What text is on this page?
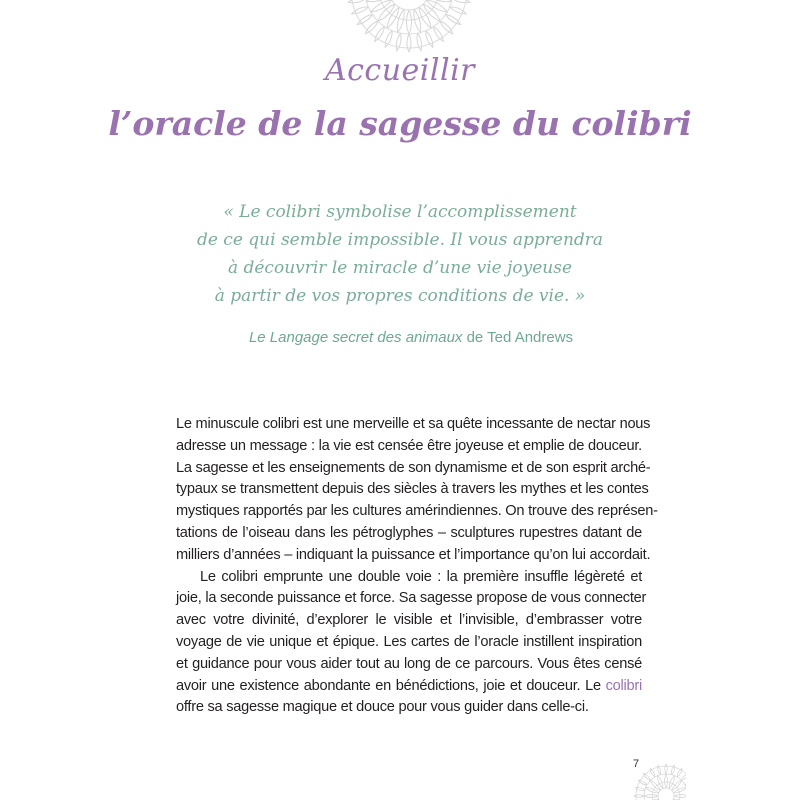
Accueillir
l’oracle de la sagesse du colibri
« Le colibri symbolise l’accomplissement
de ce qui semble impossible. Il vous apprendra
à découvrir le miracle d’une vie joyeuse
à partir de vos propres conditions de vie. »
Le Langage secret des animaux de Ted Andrews
Le minuscule colibri est une merveille et sa quête incessante de nectar nous
adresse un message : la vie est censée être joyeuse et emplie de douceur.
La sagesse et les enseignements de son dynamisme et de son esprit arché-
typaux se transmettent depuis des siècles à travers les mythes et les contes
mystiques rapportés par les cultures amérindiennes. On trouve des représen-
tations de l’oiseau dans les pétroglyphes – sculptures rupestres datant de
milliers d’années – indiquant la puissance et l’importance qu’on lui accordait.
Le colibri emprunte une double voie : la première insuffle légèreté et
joie, la seconde puissance et force. Sa sagesse propose de vous connecter
avec votre divinité, d’explorer le visible et l’invisible, d’embrasser votre
voyage de vie unique et épique. Les cartes de l’oracle instillent inspiration
et guidance pour vous aider tout au long de ce parcours. Vous êtes censé
avoir une existence abondante en bénédictions, joie et douceur. Le colibri
offre sa sagesse magique et douce pour vous guider dans celle-ci.
7
